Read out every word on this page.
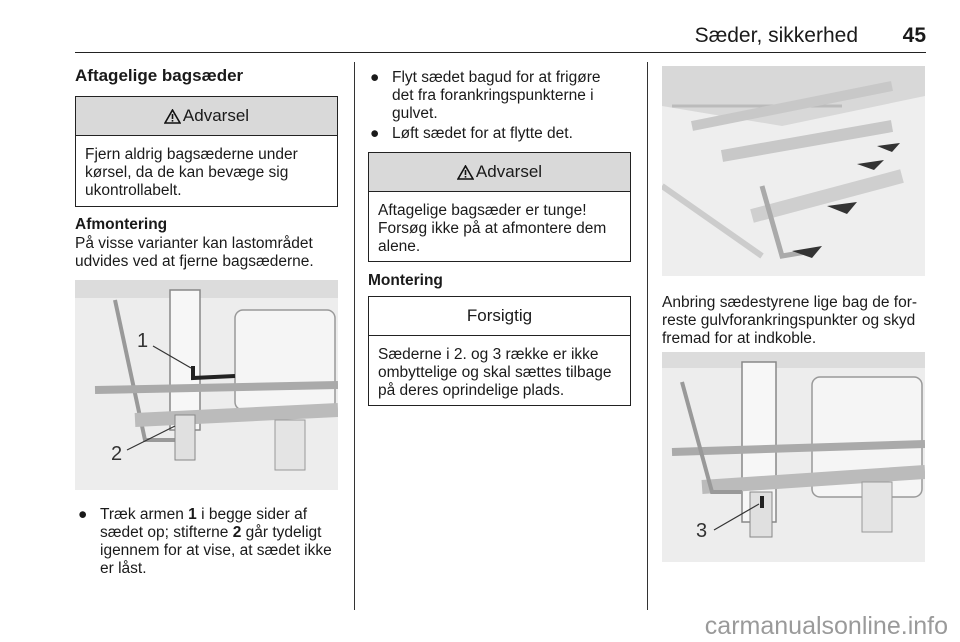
Sæder, sikkerhed 45
Aftagelige bagsæder
Advarsel
Fjern aldrig bagsæderne under
kørsel, da de kan bevæge sig
ukontrollabelt.
Afmontering
På visse varianter kan lastområdet
udvides ved at fjerne bagsæderne.
1
2
● Træk armen 1 i begge sider af
sædet op; stifterne 2 går tydeligt
igennem for at vise, at sædet ikke
er låst.
● Flyt sædet bagud for at frigøre
det fra forankringspunkterne i
gulvet.
● Løft sædet for at flytte det.
Advarsel
Aftagelige bagsæder er tunge!
Forsøg ikke på at afmontere dem
alene.
Montering
Forsigtig
Sæderne i 2. og 3 række er ikke
ombyttelige og skal sættes tilbage
på deres oprindelige plads.
Anbring sædestyrene lige bag de for-
reste gulvforankringspunkter og skyd
fremad for at indkoble.
3
carmanualsonline.info
